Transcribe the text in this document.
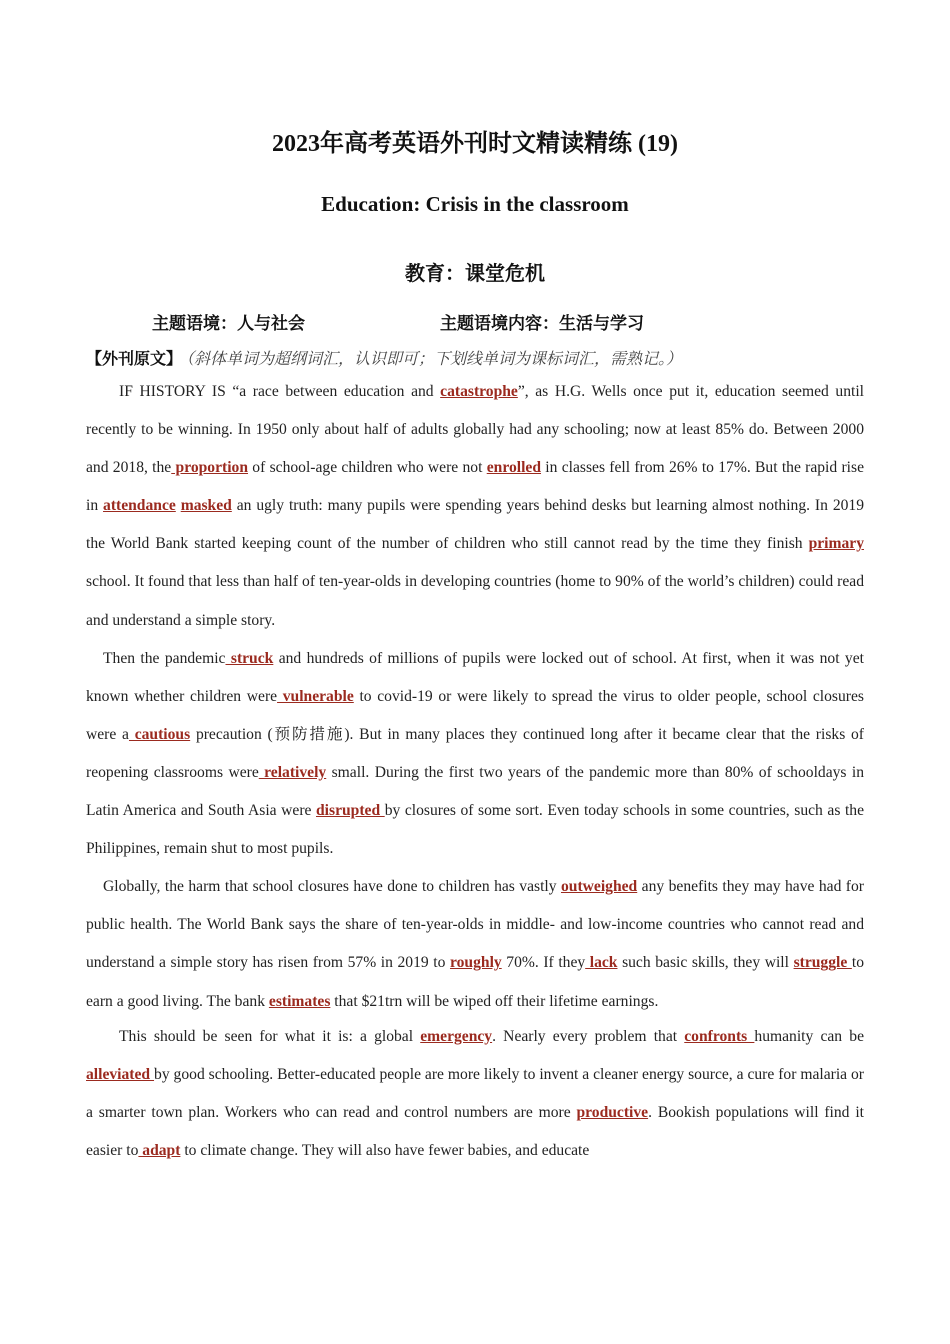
2023年高考英语外刊时文精读精练 (19)
Education: Crisis in the classroom
教育：课堂危机
主题语境：人与社会	主题语境内容：生活与学习
【外刊原文】 （斜体单词为超纲词汇，认识即可；下划线单词为课标词汇，需熟记。）

IF HISTORY IS “a race between education and catastrophe”, as H.G. Wells once put it, education seemed until recently to be winning. In 1950 only about half of adults globally had any schooling; now at least 85% do. Between 2000 and 2018, the proportion of school-age children who were not enrolled in classes fell from 26% to 17%. But the rapid rise in attendance masked an ugly truth: many pupils were spending years behind desks but learning almost nothing. In 2019 the World Bank started keeping count of the number of children who still cannot read by the time they finish primary school. It found that less than half of ten-year-olds in developing countries (home to 90% of the world’s children) could read and understand a simple story.

Then the pandemic struck and hundreds of millions of pupils were locked out of school. At first, when it was not yet known whether children were vulnerable to covid-19 or were likely to spread the virus to older people, school closures were a cautious precaution (预防措施). But in many places they continued long after it became clear that the risks of reopening classrooms were relatively small. During the first two years of the pandemic more than 80% of schooldays in Latin America and South Asia were disrupted by closures of some sort. Even today schools in some countries, such as the Philippines, remain shut to most pupils.

Globally, the harm that school closures have done to children has vastly outweighed any benefits they may have had for public health. The World Bank says the share of ten-year-olds in middle- and low-income countries who cannot read and understand a simple story has risen from 57% in 2019 to roughly 70%. If they lack such basic skills, they will struggle to earn a good living. The bank estimates that $21trn will be wiped off their lifetime earnings.

This should be seen for what it is: a global emergency. Nearly every problem that confronts humanity can be alleviated by good schooling. Better-educated people are more likely to invent a cleaner energy source, a cure for malaria or a smarter town plan. Workers who can read and control numbers are more productive. Bookish populations will find it easier to adapt to climate change. They will also have fewer babies, and educate
